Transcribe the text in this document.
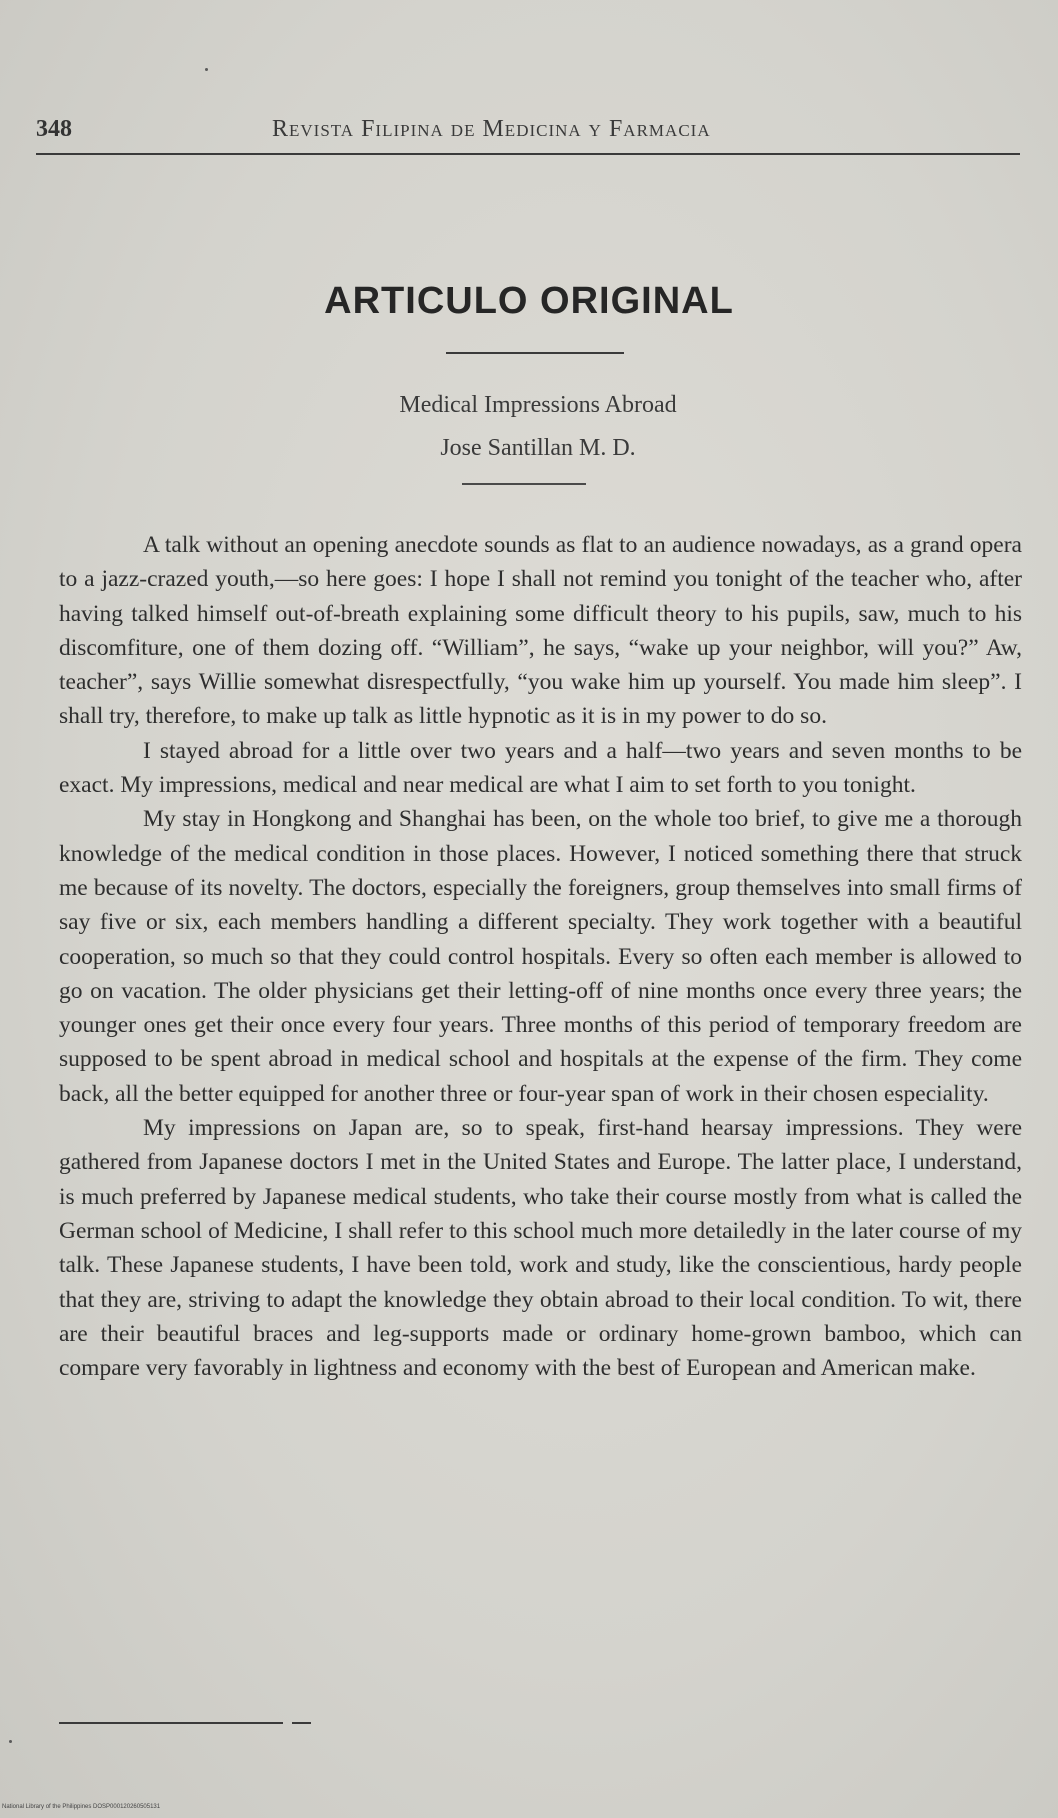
348	Revista Filipina de Medicina y Farmacia
ARTICULO ORIGINAL
Medical Impressions Abroad
Jose Santillan M. D.

A talk without an opening anecdote sounds as flat to an audience nowadays, as a grand opera to a jazz-crazed youth,—so here goes: I hope I shall not remind you tonight of the teacher who, after having talked himself out-of-breath explaining some difficult theory to his pupils, saw, much to his discomfiture, one of them dozing off. “William”, he says, “wake up your neighbor, will you?” Aw, teacher”, says Willie somewhat disrespectfully, “you wake him up yourself. You made him sleep”. I shall try, therefore, to make up talk as little hypnotic as it is in my power to do so.

I stayed abroad for a little over two years and a half—two years and seven months to be exact. My impressions, medical and near medical are what I aim to set forth to you tonight.

My stay in Hongkong and Shanghai has been, on the whole too brief, to give me a thorough knowledge of the medical condition in those places. However, I noticed something there that struck me because of its novelty. The doctors, especially the foreigners, group themselves into small firms of say five or six, each members handling a different specialty. They work together with a beautiful cooperation, so much so that they could control hospitals. Every so often each member is allowed to go on vacation. The older physicians get their letting-off of nine months once every three years; the younger ones get their once every four years. Three months of this period of temporary freedom are supposed to be spent abroad in medical school and hospitals at the expense of the firm. They come back, all the better equipped for another three or four-year span of work in their chosen especiality.

My impressions on Japan are, so to speak, first-hand hearsay impressions. They were gathered from Japanese doctors I met in the United States and Europe. The latter place, I understand, is much preferred by Japanese medical students, who take their course mostly from what is called the German school of Medicine, I shall refer to this school much more detailedly in the later course of my talk. These Japanese students, I have been told, work and study, like the conscientious, hardy people that they are, striving to adapt the knowledge they obtain abroad to their local condition. To wit, there are their beautiful braces and leg-supports made or ordinary home-grown bamboo, which can compare very favorably in lightness and economy with the best of European and American make.

National Library of the Philippines DOSP000120260505131
